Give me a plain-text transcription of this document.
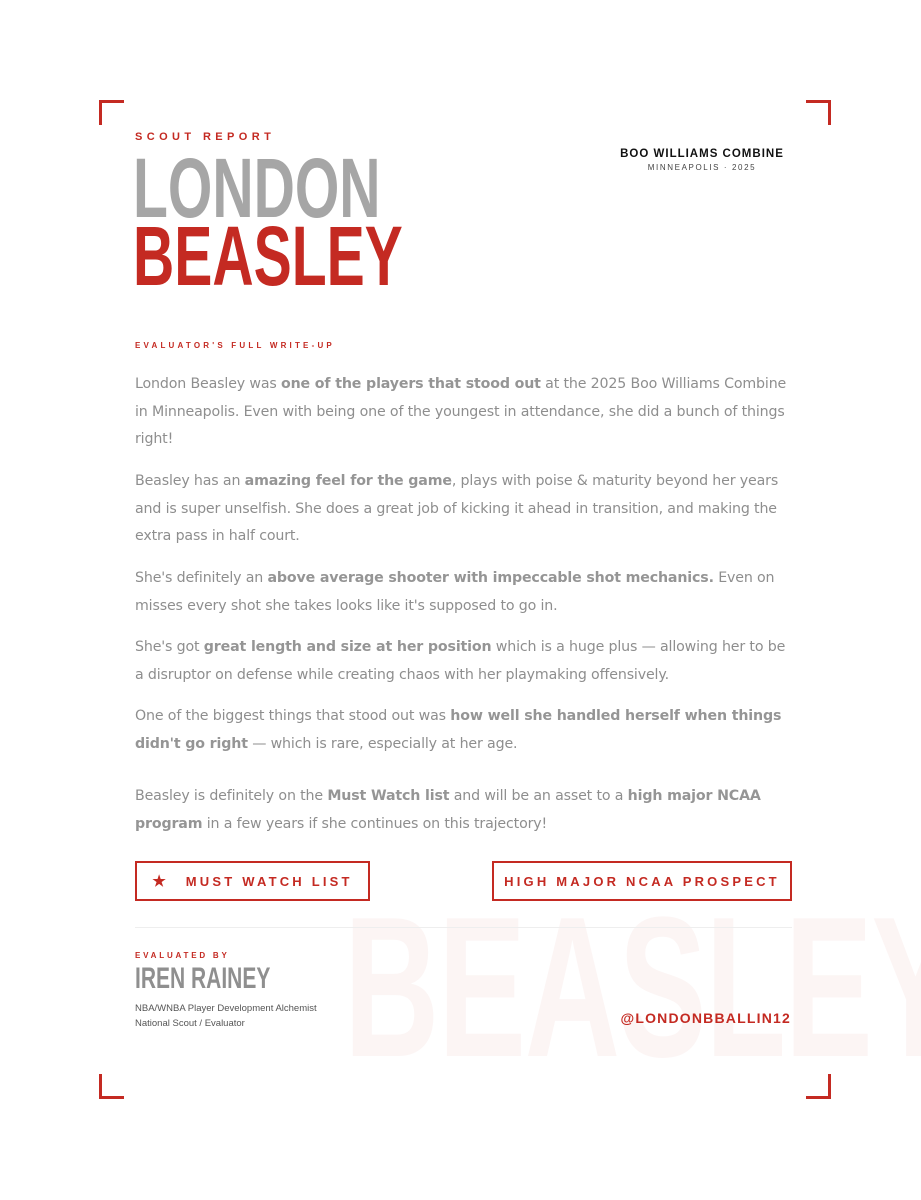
SCOUT REPORT
LONDON
BEASLEY
BOO WILLIAMS COMBINE
MINNEAPOLIS · 2025
EVALUATOR'S FULL WRITE-UP

London Beasley was one of the players that stood out at the 2025 Boo Williams Combine in Minneapolis. Even with being one of the youngest in attendance, she did a bunch of things right!

Beasley has an amazing feel for the game, plays with poise & maturity beyond her years and is super unselfish. She does a great job of kicking it ahead in transition, and making the extra pass in half court.

She's definitely an above average shooter with impeccable shot mechanics. Even on misses every shot she takes looks like it's supposed to go in.

She's got great length and size at her position which is a huge plus — allowing her to be a disruptor on defense while creating chaos with her playmaking offensively.

One of the biggest things that stood out was how well she handled herself when things didn't go right — which is rare, especially at her age.

Beasley is definitely on the Must Watch list and will be an asset to a high major NCAA program in a few years if she continues on this trajectory!

★ MUST WATCH LIST	HIGH MAJOR NCAA PROSPECT
EVALUATED BY
IREN RAINEY
NBA/WNBA Player Development Alchemist
National Scout / Evaluator	@LONDONBBALLIN12
